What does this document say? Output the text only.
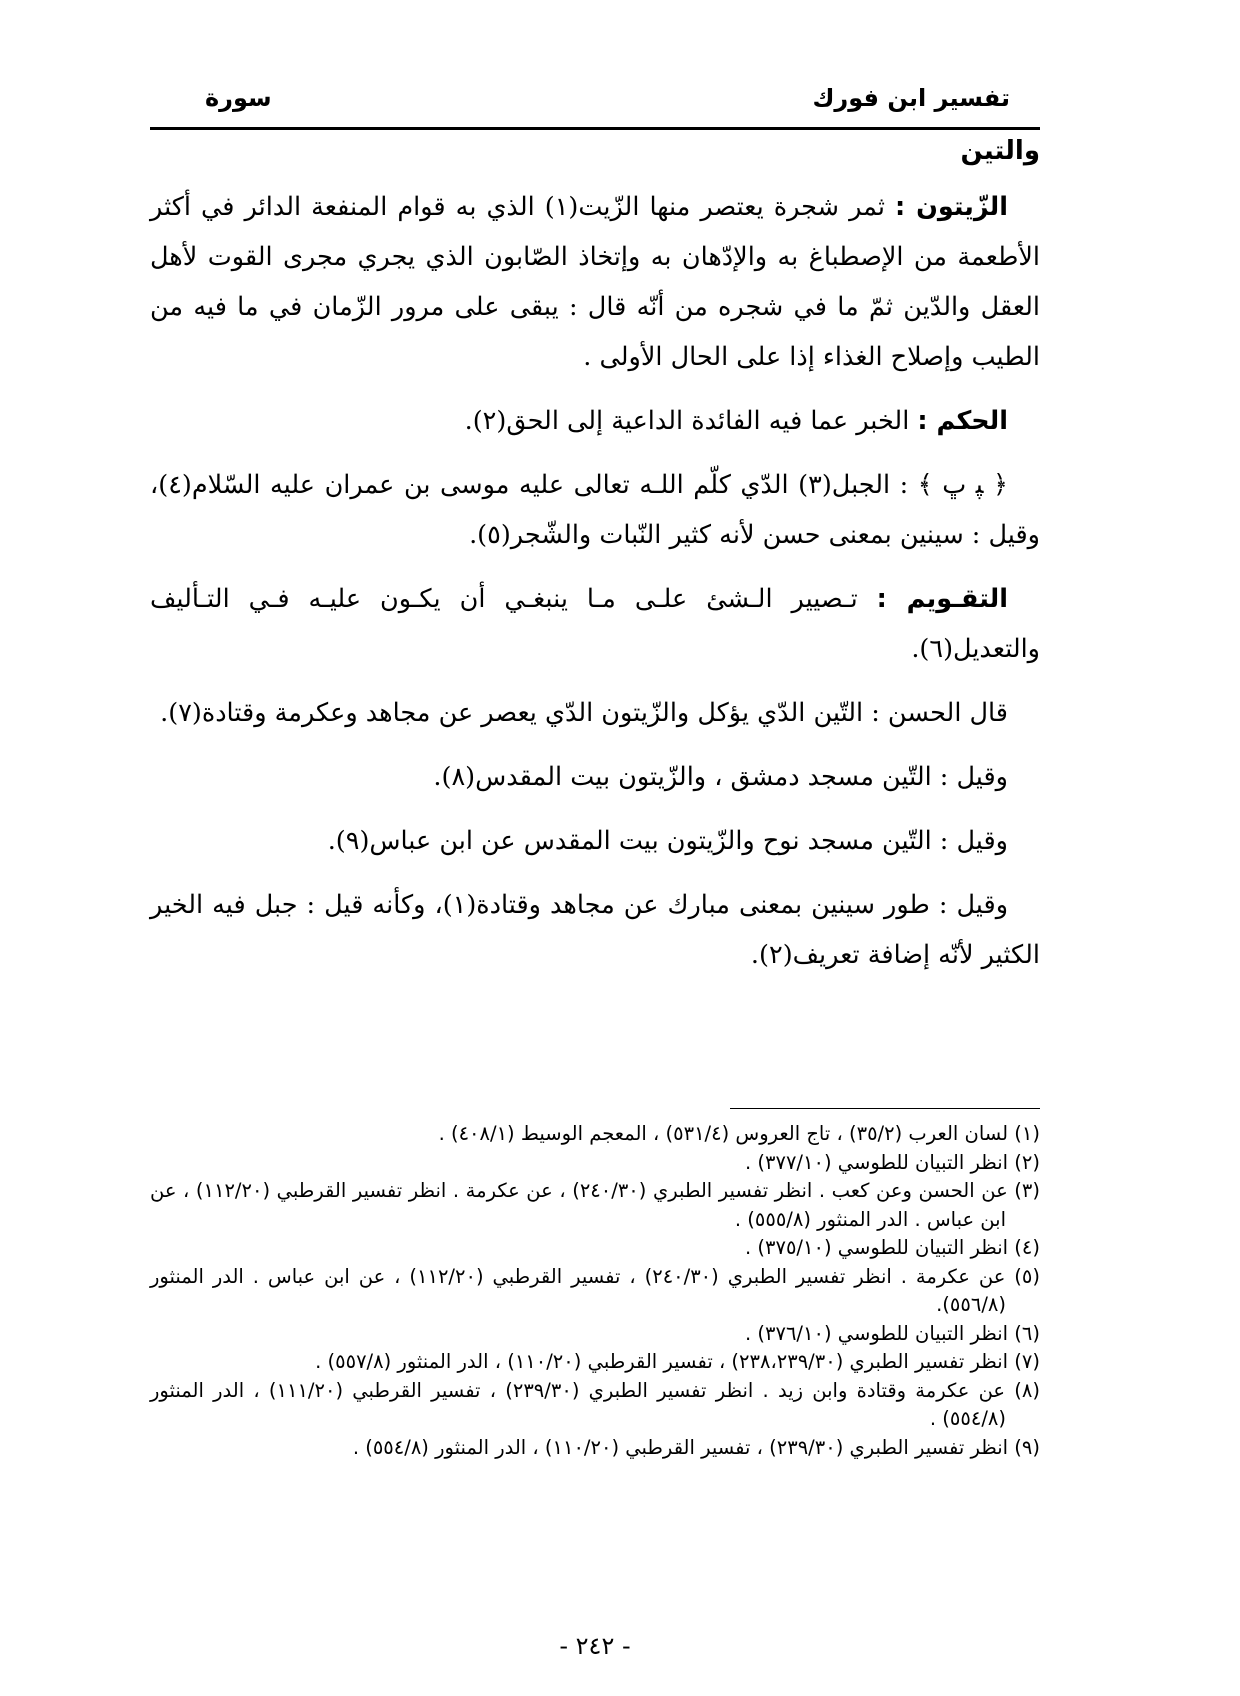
تفسير ابن فورك
سورة
والتين

الزّيتون : ثمر شجرة يعتصر منها الزّيت(١) الذي به قوام المنفعة الدائر في أكثر الأطعمة من الإصطباغ به والإدّهان به وإتخاذ الصّابون الذي يجري مجرى القوت لأهل العقل والدّين ثمّ ما في شجره من أنّه قال : يبقى على مرور الزّمان في ما فيه من الطيب وإصلاح الغذاء إذا على الحال الأولى .

الحكم : الخبر عما فيه الفائدة الداعية إلى الحق(٢).

﴿ ﭙ ﭚ ﴾ : الجبل(٣) الدّي كلّم اللـه تعالى عليه موسى بن عمران عليه السّلام(٤)، وقيل : سينين بمعنى حسن لأنه كثير النّبات والشّجر(٥).

التقـويم : تـصيير الـشئ علـى مـا ينبغـي أن يكـون عليـه فـي التـأليف والتعديل(٦).

قال الحسن : التّين الدّي يؤكل والزّيتون الدّي يعصر عن مجاهد وعكرمة وقتادة(٧).

وقيل : التّين مسجد دمشق ، والزّيتون بيت المقدس(٨).

وقيل : التّين مسجد نوح والزّيتون بيت المقدس عن ابن عباس(٩).

وقيل : طور سينين بمعنى مبارك عن مجاهد وقتادة(١)، وكأنه قيل : جبل فيه الخير الكثير لأنّه إضافة تعريف(٢).

(١) لسان العرب (٣٥/٢) ، تاج العروس (٥٣١/٤) ، المعجم الوسيط (٤٠٨/١) .

(٢) انظر التبيان للطوسي (٣٧٧/١٠) .

(٣) عن الحسن وعن كعب . انظر تفسير الطبري (٢٤٠/٣٠) ، عن عكرمة . انظر تفسير القرطبي (١١٢/٢٠) ، عن ابن عباس . الدر المنثور (٥٥٥/٨) .

(٤) انظر التبيان للطوسي (٣٧٥/١٠) .

(٥) عن عكرمة . انظر تفسير الطبري (٢٤٠/٣٠) ، تفسير القرطبي (١١٢/٢٠) ، عن ابن عباس . الدر المنثور (٥٥٦/٨).

(٦) انظر التبيان للطوسي (٣٧٦/١٠) .

(٧) انظر تفسير الطبري (٢٣٨،٢٣٩/٣٠) ، تفسير القرطبي (١١٠/٢٠) ، الدر المنثور (٥٥٧/٨) .

(٨) عن عكرمة وقتادة وابن زيد . انظر تفسير الطبري (٢٣٩/٣٠) ، تفسير القرطبي (١١١/٢٠) ، الدر المنثور (٥٥٤/٨) .

(٩) انظر تفسير الطبري (٢٣٩/٣٠) ، تفسير القرطبي (١١٠/٢٠) ، الدر المنثور (٥٥٤/٨) .

- ٢٤٢ -
